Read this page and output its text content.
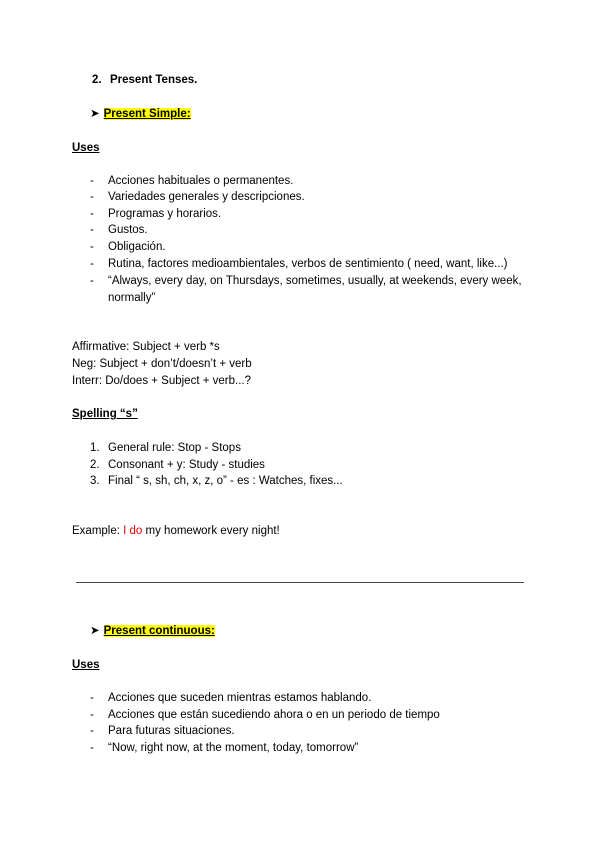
2. Present Tenses.
➤ Present Simple:
Uses
- Acciones habituales o permanentes.
- Variedades generales y descripciones.
- Programas y horarios.
- Gustos.
- Obligación.
- Rutina, factores medioambientales, verbos de sentimiento ( need, want, like...)
- “Always, every day, on Thursdays, sometimes, usually, at weekends, every week,
normally”
Affirmative: Subject + verb *s
Neg: Subject + don’t/doesn’t + verb
Interr: Do/does + Subject + verb...?
Spelling “s”
1. General rule: Stop - Stops
2. Consonant + y: Study - studies
3. Final “ s, sh, ch, x, z, o” - es : Watches, fixes...
Example: I do my homework every night!
➤ Present continuous:
Uses
- Acciones que suceden mientras estamos hablando.
- Acciones que están sucediendo ahora o en un periodo de tiempo
- Para futuras situaciones.
- “Now, right now, at the moment, today, tomorrow”
